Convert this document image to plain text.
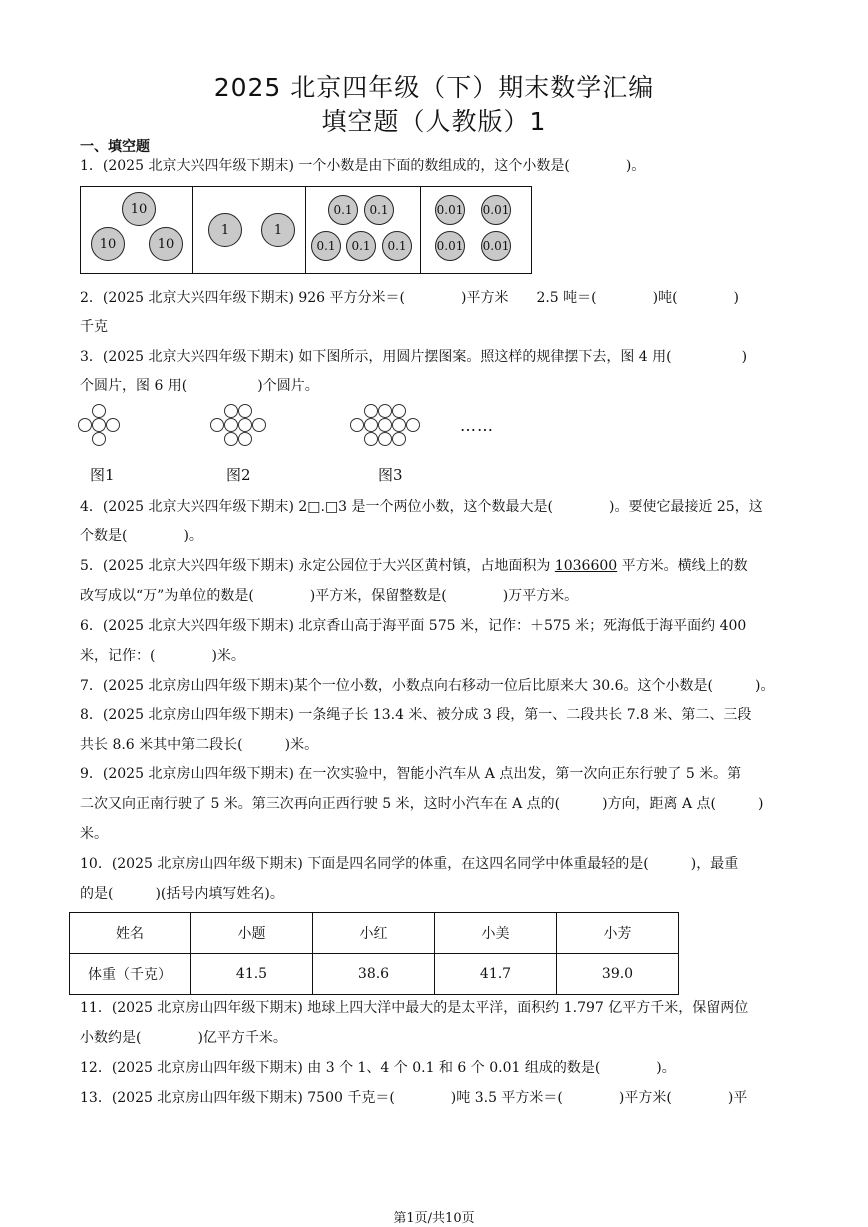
2025 北京四年级（下）期末数学汇编
填空题（人教版）1
一、填空题
1．(2025 北京大兴四年级下期末) 一个小数是由下面的数组成的，这个小数是(　　　　)。
10
10	10
1	1
0.1	0.1
0.1	0.1	0.1
0.01 0.01
0.01 0.01
2．(2025 北京大兴四年级下期末) 926 平方分米＝(　　　　)平方米　　2.5 吨＝(　　　　)吨(　　　　)
千克
3．(2025 北京大兴四年级下期末) 如下图所示，用圆片摆图案。照这样的规律摆下去，图 4 用(　　　　　)
个圆片，图 6 用(　　　　　)个圆片。
……
图1	图2	图3
4．(2025 北京大兴四年级下期末) 2□.□3 是一个两位小数，这个数最大是(　　　　)。要使它最接近 25，这
个数是(　　　　)。
5．(2025 北京大兴四年级下期末) 永定公园位于大兴区黄村镇，占地面积为 1036600 平方米。横线上的数
改写成以“万”为单位的数是(　　　　)平方米，保留整数是(　　　　)万平方米。
6．(2025 北京大兴四年级下期末) 北京香山高于海平面 575 米，记作：＋575 米；死海低于海平面约 400
米，记作：(　　　　)米。
7．(2025 北京房山四年级下期末)某个一位小数，小数点向右移动一位后比原来大 30.6。这个小数是(　　　)。
8．(2025 北京房山四年级下期末) 一条绳子长 13.4 米、被分成 3 段，第一、二段共长 7.8 米、第二、三段
共长 8.6 米其中第二段长(　　　)米。
9．(2025 北京房山四年级下期末) 在一次实验中，智能小汽车从 A 点出发，第一次向正东行驶了 5 米。第
二次又向正南行驶了 5 米。第三次再向正西行驶 5 米，这时小汽车在 A 点的(　　　)方向，距离 A 点(　　　)
米。
10．(2025 北京房山四年级下期末) 下面是四名同学的体重，在这四名同学中体重最轻的是(　　　)，最重
的是(　　　)(括号内填写姓名)。
姓名	小题	小红	小美	小芳
体重（千克）	41.5	38.6	41.7	39.0
11．(2025 北京房山四年级下期末) 地球上四大洋中最大的是太平洋，面积约 1.797 亿平方千米，保留两位
小数约是(　　　　)亿平方千米。
12．(2025 北京房山四年级下期末) 由 3 个 1、4 个 0.1 和 6 个 0.01 组成的数是(　　　　)。
13．(2025 北京房山四年级下期末) 7500 千克＝(　　　　)吨 3.5 平方米＝(　　　　)平方米(　　　　)平
第1页/共10页
